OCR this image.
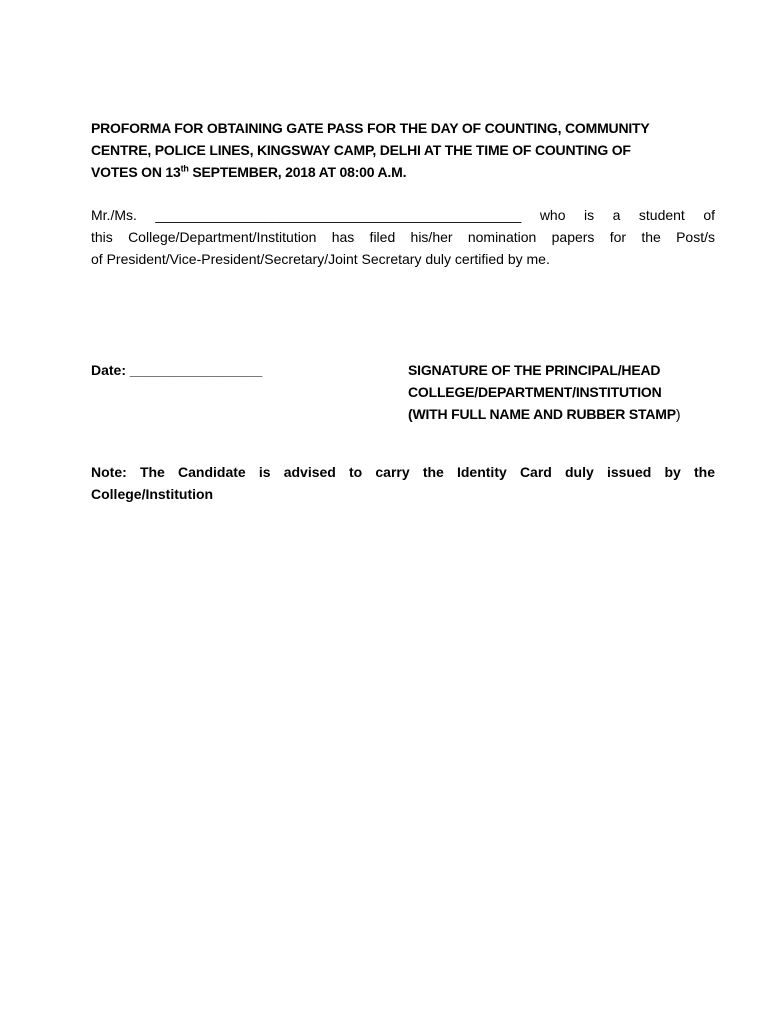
PROFORMA FOR OBTAINING GATE PASS FOR THE DAY OF COUNTING, COMMUNITY
CENTRE, POLICE LINES, KINGSWAY CAMP, DELHI AT THE TIME OF COUNTING OF
VOTES ON 13th SEPTEMBER, 2018 AT 08:00 A.M.
Mr./Ms. _______________________________________________ who is a student of
this College/Department/Institution has filed his/her nomination papers for the Post/s
of President/Vice-President/Secretary/Joint Secretary duly certified by me.
Date: _________________	SIGNATURE OF THE PRINCIPAL/HEAD
COLLEGE/DEPARTMENT/INSTITUTION
(WITH FULL NAME AND RUBBER STAMP)
Note: The Candidate is advised to carry the Identity Card duly issued by the
College/Institution
